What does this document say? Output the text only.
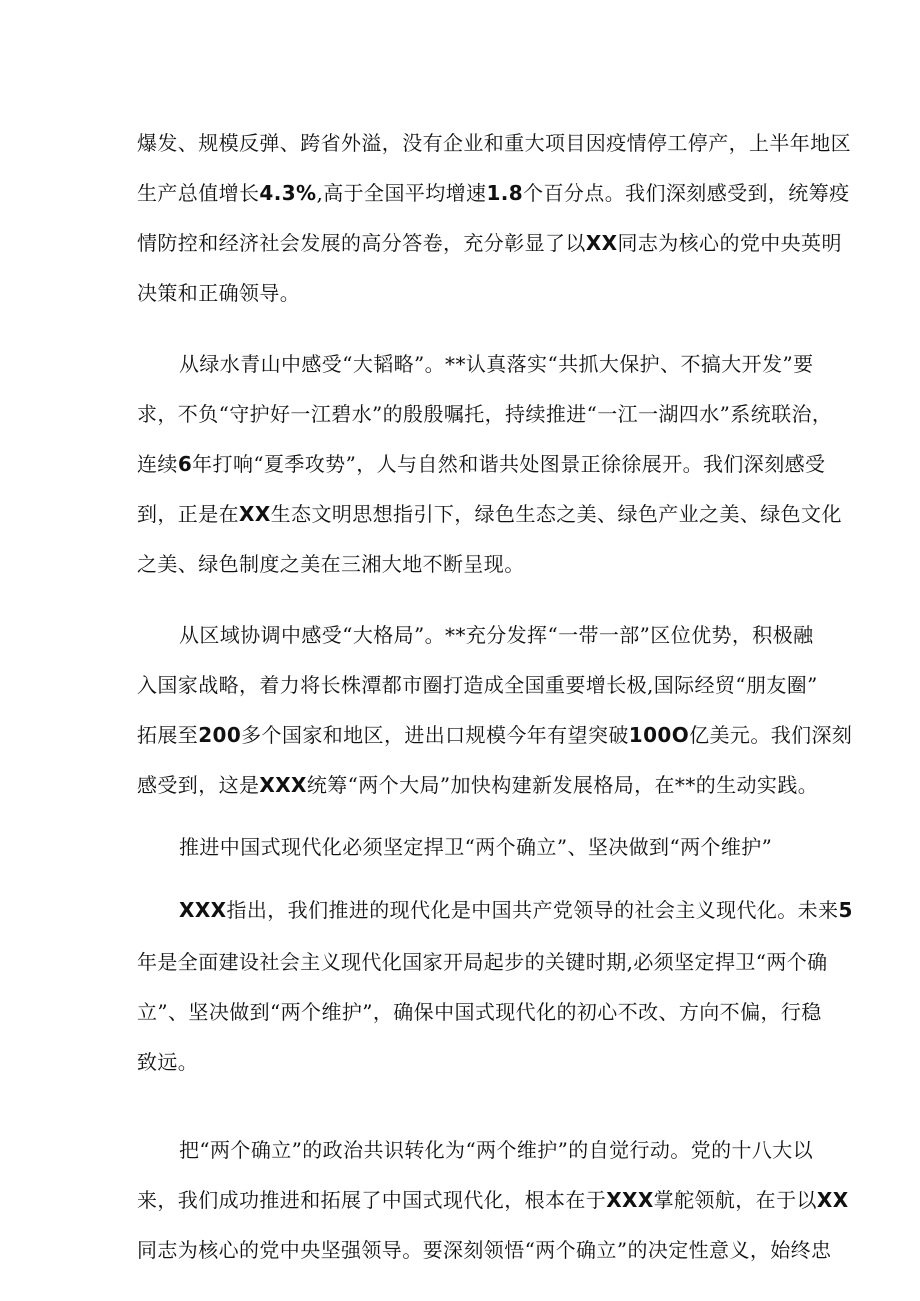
爆发、规模反弹、跨省外溢，没有企业和重大项目因疫情停工停产，上半年地区
生产总值增长4.3%,高于全国平均增速1.8个百分点。我们深刻感受到，统筹疫
情防控和经济社会发展的高分答卷，充分彰显了以XX同志为核心的党中央英明
决策和正确领导。
从绿水青山中感受“大韬略”。**认真落实“共抓大保护、不搞大开发”要
求，不负“守护好一江碧水”的殷殷嘱托，持续推进“一江一湖四水”系统联治，
连续6年打响“夏季攻势”，人与自然和谐共处图景正徐徐展开。我们深刻感受
到，正是在XX生态文明思想指引下，绿色生态之美、绿色产业之美、绿色文化
之美、绿色制度之美在三湘大地不断呈现。
从区域协调中感受“大格局”。**充分发挥“一带一部”区位优势，积极融
入国家战略，着力将长株潭都市圈打造成全国重要增长极,国际经贸“朋友圈”
拓展至200多个国家和地区，进出口规模今年有望突破100O亿美元。我们深刻
感受到，这是XXX统筹“两个大局”加快构建新发展格局，在**的生动实践。
推进中国式现代化必须坚定捍卫“两个确立”、坚决做到“两个维护”
XXX指出，我们推进的现代化是中国共产党领导的社会主义现代化。未来5
年是全面建设社会主义现代化国家开局起步的关键时期,必须坚定捍卫“两个确
立”、坚决做到“两个维护”，确保中国式现代化的初心不改、方向不偏，行稳
致远。
把“两个确立”的政治共识转化为“两个维护”的自觉行动。党的十八大以
来，我们成功推进和拓展了中国式现代化，根本在于XXX掌舵领航，在于以XX
同志为核心的党中央坚强领导。要深刻领悟“两个确立”的决定性意义，始终忠
